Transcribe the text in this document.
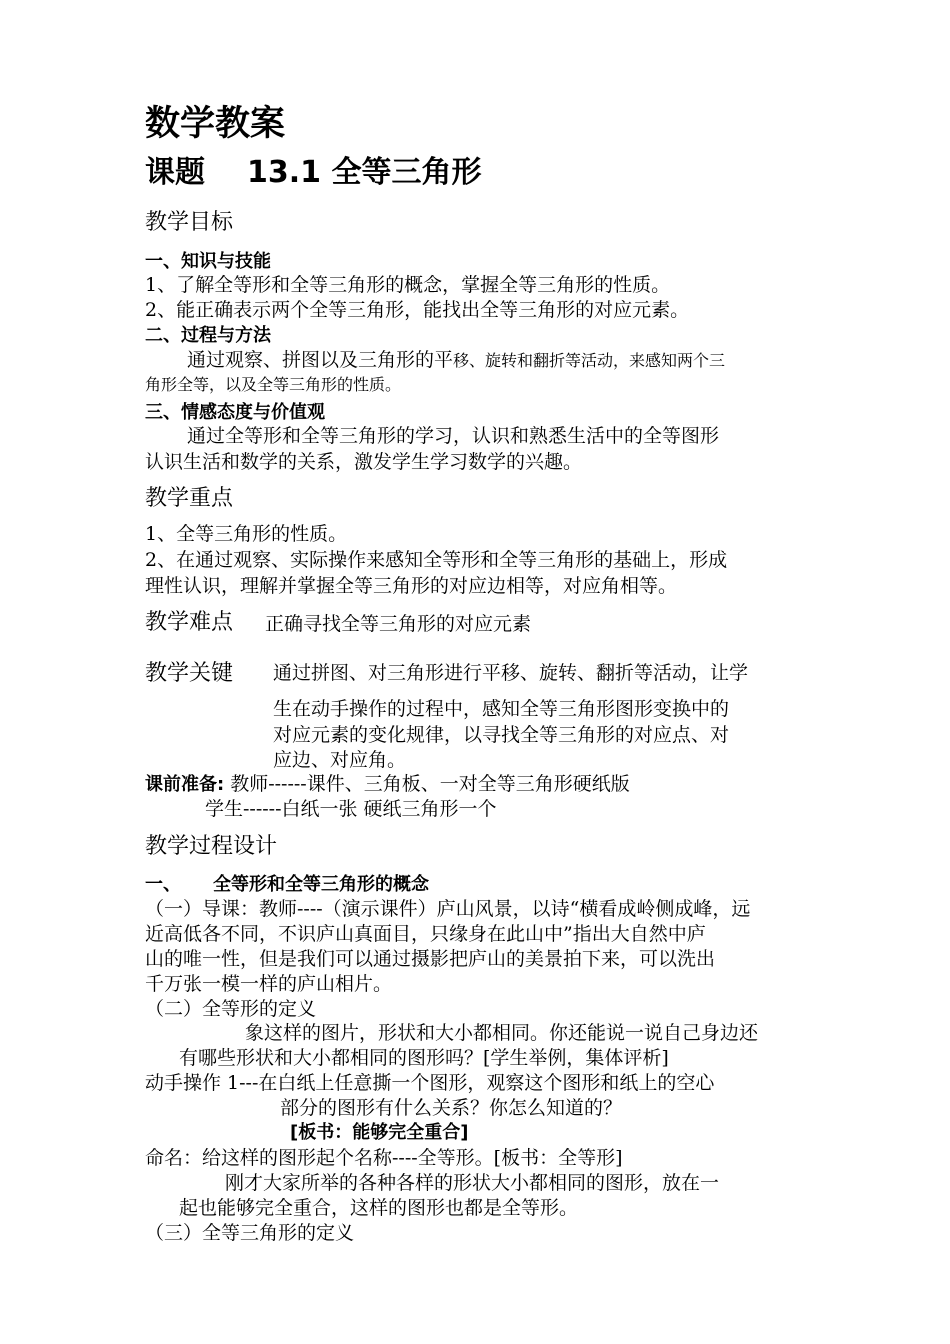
数学教案
课题 13.1 全等三角形
教学目标
一、知识与技能
1、了解全等形和全等三角形的概念，掌握全等三角形的性质。
2、能正确表示两个全等三角形，能找出全等三角形的对应元素。
二、过程与方法
通过观察、拼图以及三角形的平移、旋转和翻折等活动，来感知两个三
角形全等，以及全等三角形的性质。
三、情感态度与价值观
通过全等形和全等三角形的学习，认识和熟悉生活中的全等图形
认识生活和数学的关系，激发学生学习数学的兴趣。
教学重点
1、全等三角形的性质。
2、在通过观察、实际操作来感知全等形和全等三角形的基础上，形成
理性认识，理解并掌握全等三角形的对应边相等，对应角相等。
教学难点 正确寻找全等三角形的对应元素
教学关键 通过拼图、对三角形进行平移、旋转、翻折等活动，让学
生在动手操作的过程中，感知全等三角形图形变换中的
对应元素的变化规律，以寻找全等三角形的对应点、对
应边、对应角。
课前准备: 教师------课件、三角板、一对全等三角形硬纸版
学生------白纸一张 硬纸三角形一个
教学过程设计
一、 全等形和全等三角形的概念
（一）导课：教师----（演示课件）庐山风景，以诗“横看成岭侧成峰，远
近高低各不同，不识庐山真面目，只缘身在此山中”指出大自然中庐
山的唯一性，但是我们可以通过摄影把庐山的美景拍下来，可以洗出
千万张一模一样的庐山相片。
（二）全等形的定义
象这样的图片，形状和大小都相同。你还能说一说自己身边还
有哪些形状和大小都相同的图形吗？[学生举例，集体评析]
动手操作 1---在白纸上任意撕一个图形，观察这个图形和纸上的空心
部分的图形有什么关系？你怎么知道的？
[板书：能够完全重合]
命名：给这样的图形起个名称----全等形。[板书：全等形]
刚才大家所举的各种各样的形状大小都相同的图形，放在一
起也能够完全重合，这样的图形也都是全等形。
（三）全等三角形的定义
